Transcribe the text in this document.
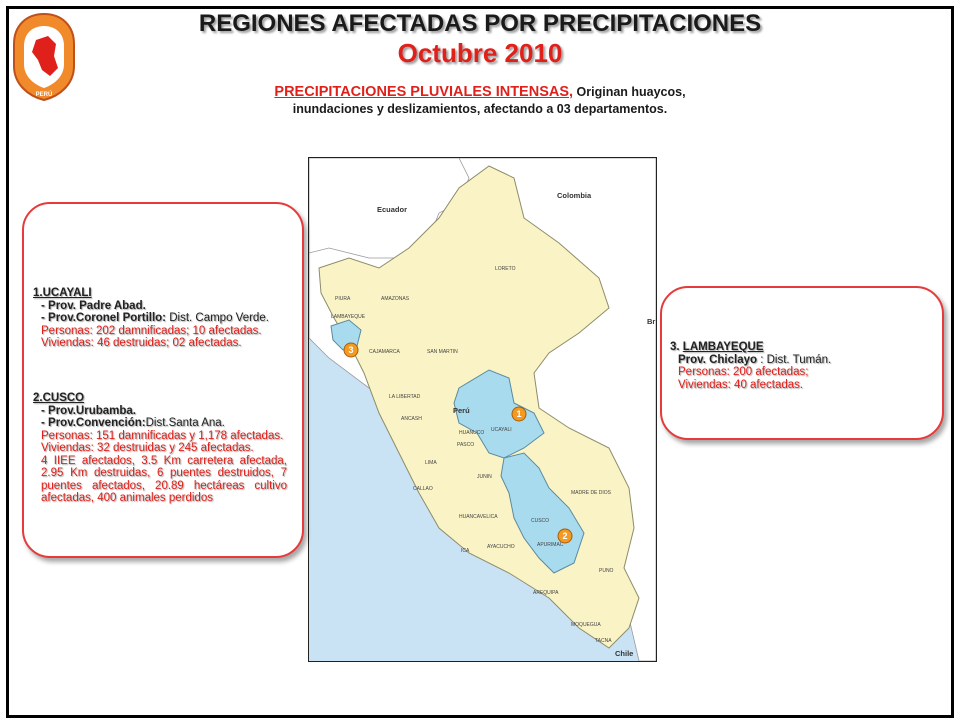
PERÚ
REGIONES AFECTADAS POR PRECIPITACIONES
Octubre 2010
PRECIPITACIONES PLUVIALES INTENSAS, Originan huaycos,
inundaciones y deslizamientos, afectando a 03 departamentos.
Ecuador
Colombia
Perú
Chile
Br
LORETO
AMAZONAS
PIURA
LAMBAYEQUE
CAJAMARCA	SAN MARTIN
LA LIBERTAD
ANCASH
HUANUCO UCAYALI
PASCO
LIMA
JUNIN
CALLAO
HUANCAVELICA
CUSCO
MADRE DE DIOS
ICA
AYACUCHO	APURIMAC
PUNO
AREQUIPA
MOQUEGUA
TACNA
1
2
3
1.UCAYALI
- Prov. Padre Abad.
- Prov.Coronel Portillo: Dist. Campo Verde.
Personas: 202 damnificadas; 10 afectadas.
Viviendas: 46 destruidas; 02 afectadas.
2.CUSCO
- Prov.Urubamba.
- Prov.Convención:Dist.Santa Ana.
Personas: 151 damnificadas y 1,178 afectadas.
Viviendas: 32 destruidas y 245 afectadas.
4 IIEE afectados, 3.5 Km carretera afectada, 2.95 Km destruidas, 6 puentes destruidos, 7 puentes afectados, 20.89 hectáreas cultivo afectadas, 400 animales perdidos
3. LAMBAYEQUE
Prov. Chiclayo : Dist. Tumán.
Personas: 200 afectadas;
Viviendas: 40 afectadas.
